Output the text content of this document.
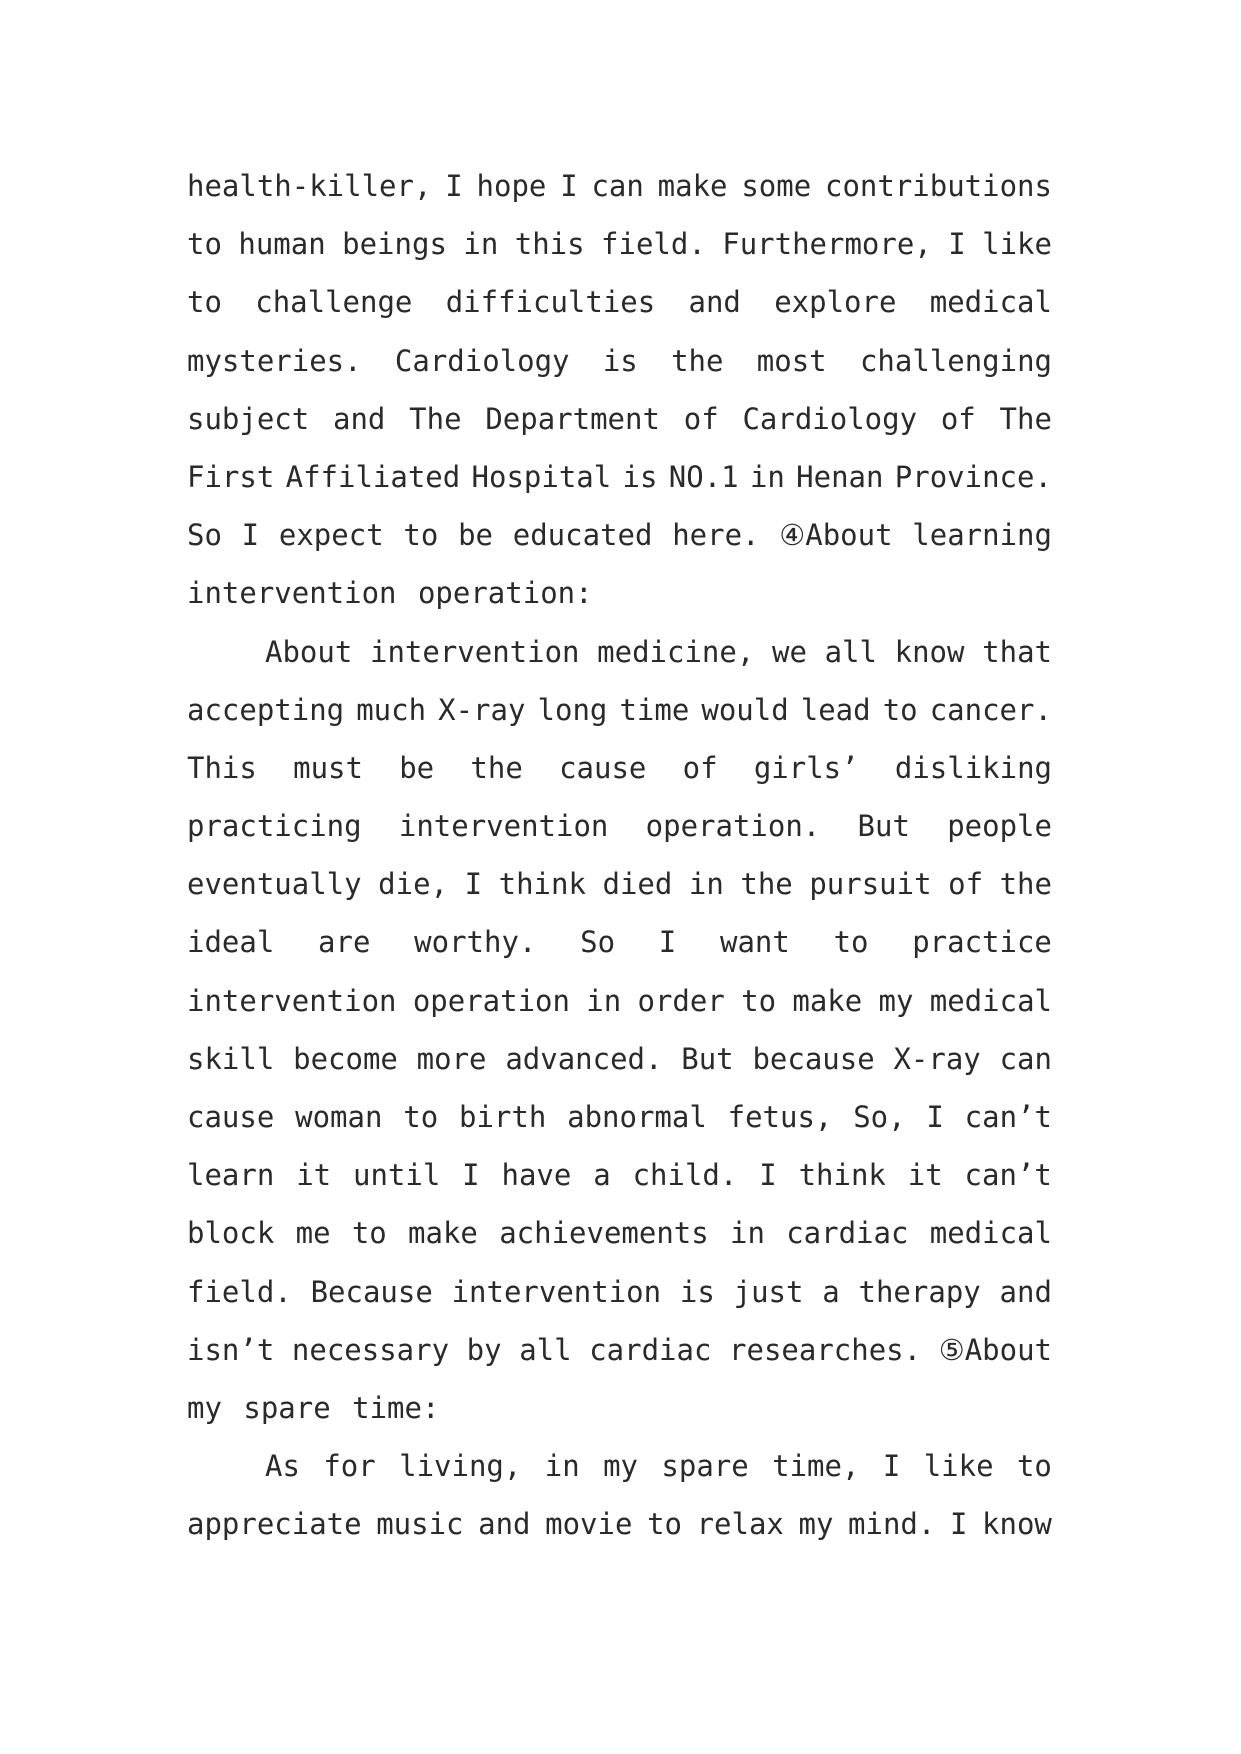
health-killer, I hope I can make some contributions
to human beings in this field. Furthermore, I like
to challenge difficulties and explore medical
mysteries. Cardiology is the most challenging
subject and The Department of Cardiology of The
First Affiliated Hospital is NO.1 in Henan Province.
So I expect to be educated here. ④About learning
intervention operation:
About intervention medicine, we all know that
accepting much X-ray long time would lead to cancer.
This must be the cause of girls’ disliking
practicing intervention operation. But people
eventually die, I think died in the pursuit of the
ideal are worthy. So I want to practice
intervention operation in order to make my medical
skill become more advanced. But because X-ray can
cause woman to birth abnormal fetus, So, I can’t
learn it until I have a child. I think it can’t
block me to make achievements in cardiac medical
field. Because intervention is just a therapy and
isn’t necessary by all cardiac researches. ⑤About
my spare time:
As for living, in my spare time, I like to
appreciate music and movie to relax my mind. I know
